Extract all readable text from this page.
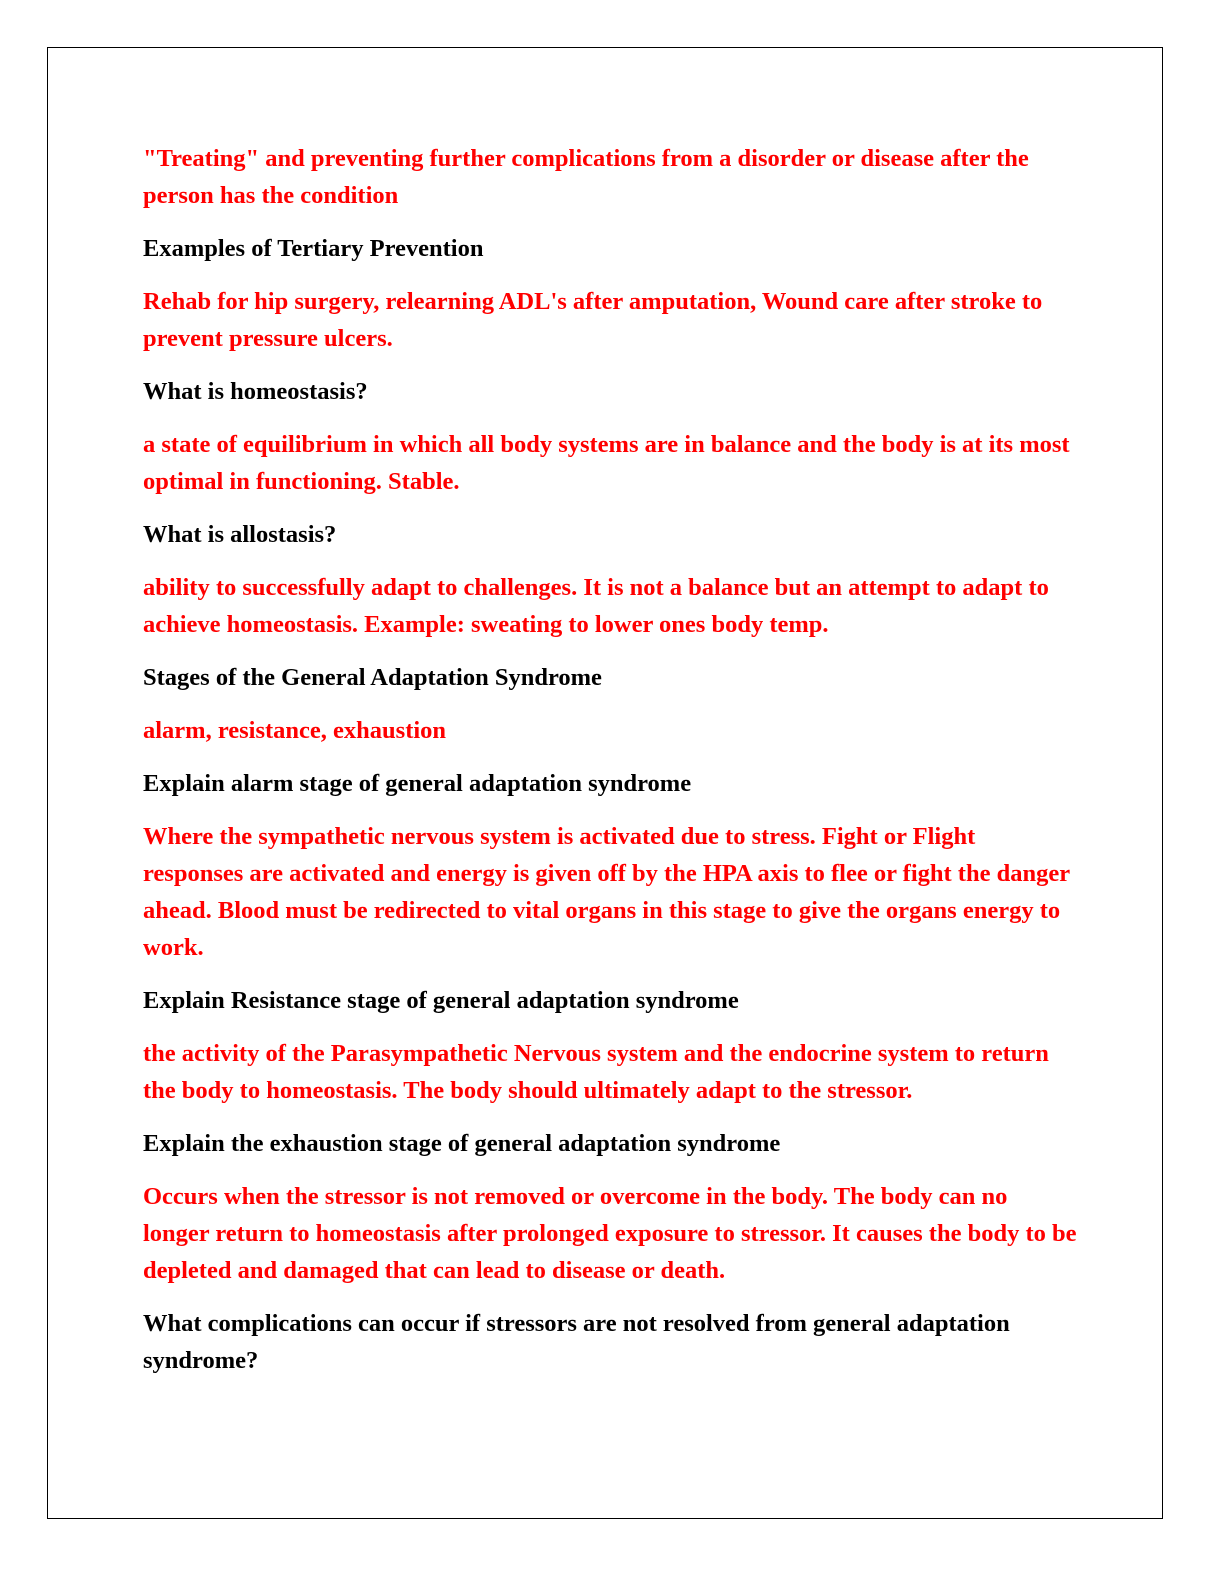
"Treating" and preventing further complications from a disorder or disease after the person has the condition

Examples of Tertiary Prevention

Rehab for hip surgery, relearning ADL's after amputation, Wound care after stroke to prevent pressure ulcers.

What is homeostasis?

a state of equilibrium in which all body systems are in balance and the body is at its most optimal in functioning. Stable.

What is allostasis?

ability to successfully adapt to challenges. It is not a balance but an attempt to adapt to achieve homeostasis. Example: sweating to lower ones body temp.

Stages of the General Adaptation Syndrome

alarm, resistance, exhaustion

Explain alarm stage of general adaptation syndrome

Where the sympathetic nervous system is activated due to stress. Fight or Flight responses are activated and energy is given off by the HPA axis to flee or fight the danger ahead. Blood must be redirected to vital organs in this stage to give the organs energy to work.

Explain Resistance stage of general adaptation syndrome

the activity of the Parasympathetic Nervous system and the endocrine system to return the body to homeostasis. The body should ultimately adapt to the stressor.

Explain the exhaustion stage of general adaptation syndrome

Occurs when the stressor is not removed or overcome in the body. The body can no longer return to homeostasis after prolonged exposure to stressor. It causes the body to be depleted and damaged that can lead to disease or death.

What complications can occur if stressors are not resolved from general adaptation syndrome?
